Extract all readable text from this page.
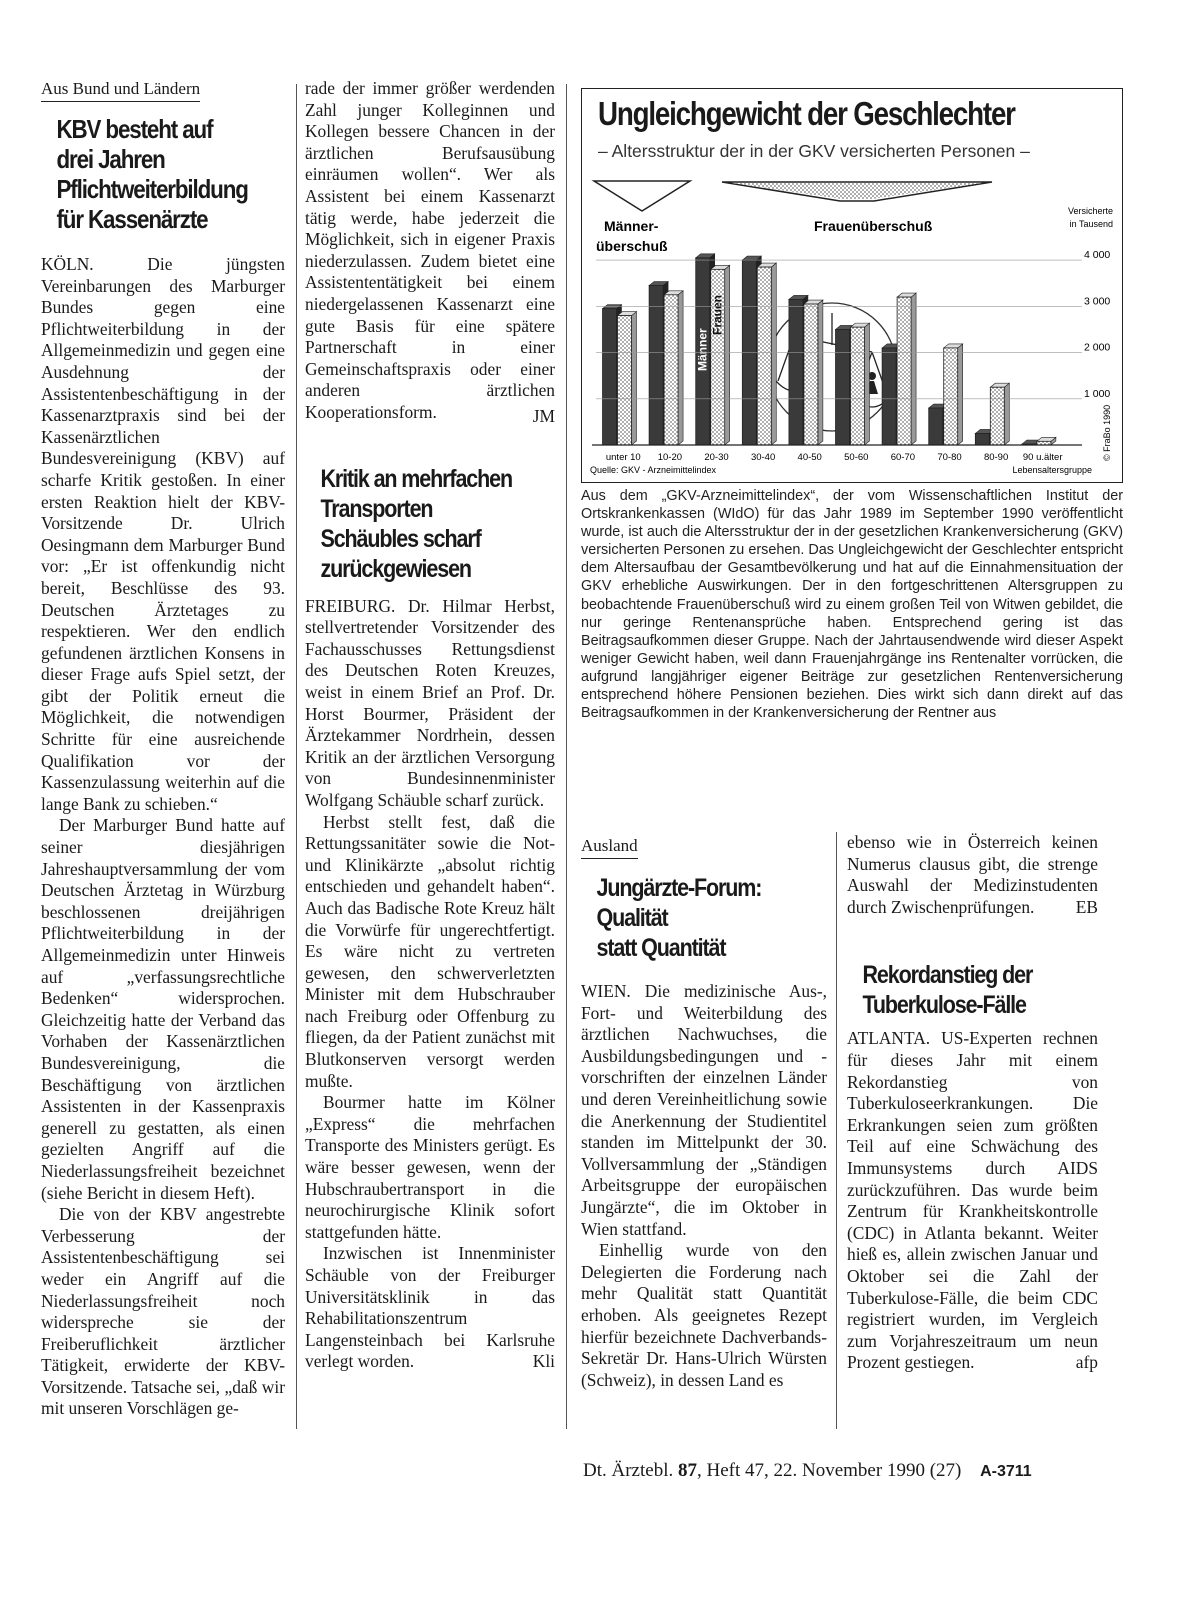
Aus Bund und Ländern

KBV besteht auf

drei Jahren

Pflichtweiterbildung

für Kassenärzte

KÖLN. Die jüngsten Vereinbarungen des Marburger Bundes gegen eine Pflichtweiterbildung in der Allgemeinmedizin und gegen eine Ausdehnung der Assistentenbeschäftigung in der Kassenarztpraxis sind bei der Kassenärztlichen Bundesvereinigung (KBV) auf scharfe Kritik gestoßen. In einer ersten Reaktion hielt der KBV-Vorsitzende Dr. Ulrich Oesingmann dem Marburger Bund vor: „Er ist offenkundig nicht bereit, Beschlüsse des 93. Deutschen Ärztetages zu respektieren. Wer den endlich gefundenen ärztlichen Konsens in dieser Frage aufs Spiel setzt, der gibt der Politik erneut die Möglichkeit, die notwendigen Schritte für eine ausreichende Qualifikation vor der Kassenzulassung weiterhin auf die lange Bank zu schieben.“

Der Marburger Bund hatte auf seiner diesjährigen Jahreshauptversammlung der vom Deutschen Ärztetag in Würzburg beschlossenen dreijährigen Pflichtweiterbildung in der Allgemeinmedizin unter Hinweis auf „verfassungsrechtliche Bedenken“ widersprochen. Gleichzeitig hatte der Verband das Vorhaben der Kassenärztlichen Bundesvereinigung, die Beschäftigung von ärztlichen Assistenten in der Kassenpraxis generell zu gestatten, als einen gezielten Angriff auf die Niederlassungsfreiheit bezeichnet (siehe Bericht in diesem Heft).

Die von der KBV angestrebte Verbesserung der Assistentenbeschäftigung sei weder ein Angriff auf die Niederlassungsfreiheit noch widerspreche sie der Freiberuflichkeit ärztlicher Tätigkeit, erwiderte der KBV-Vorsitzende. Tatsache sei, „daß wir mit unseren Vorschlägen ge-

rade der immer größer werdenden Zahl junger Kolleginnen und Kollegen bessere Chancen in der ärztlichen Berufsausübung einräumen wollen“. Wer als Assistent bei einem Kassenarzt tätig werde, habe jederzeit die Möglichkeit, sich in eigener Praxis niederzulassen. Zudem bietet eine Assistententätigkeit bei einem niedergelassenen Kassenarzt eine gute Basis für eine spätere Partnerschaft in einer Gemeinschaftspraxis oder einer anderen ärztlichen Kooperationsform.	JM

Kritik an mehrfachen

Transporten

Schäubles scharf

zurückgewiesen

FREIBURG. Dr. Hilmar Herbst, stellvertretender Vorsitzender des Fachausschusses Rettungsdienst des Deutschen Roten Kreuzes, weist in einem Brief an Prof. Dr. Horst Bourmer, Präsident der Ärztekammer Nordrhein, dessen Kritik an der ärztlichen Versorgung von Bundesinnenminister Wolfgang Schäuble scharf zurück.

Herbst stellt fest, daß die Rettungssanitäter sowie die Not- und Klinikärzte „absolut richtig entschieden und gehandelt haben“. Auch das Badische Rote Kreuz hält die Vorwürfe für ungerechtfertigt. Es wäre nicht zu vertreten gewesen, den schwerverletzten Minister mit dem Hubschrauber nach Freiburg oder Offenburg zu fliegen, da der Patient zunächst mit Blutkonserven versorgt werden mußte.

Bourmer hatte im Kölner „Express“ die mehrfachen Transporte des Ministers gerügt. Es wäre besser gewesen, wenn der Hubschraubertransport in die neurochirurgische Klinik sofort stattgefunden hätte.

Inzwischen ist Innenminister Schäuble von der Freiburger Universitätsklinik in das Rehabilitationszentrum Langensteinbach bei Karlsruhe verlegt worden.	Kli

Ungleichgewicht der Geschlechter
– Altersstruktur der in der GKV versicherten Personen –
Männer-
überschuß
Frauenüberschuß
Versicherte
in Tausend
Männer
Frauen
1 000
2 000
3 000
4 000
unter 10 10-20 20-30 30-40 40-50 50-60 60-70 70-80 80-90 90 u.älter
Quelle: GKV - Arzneimittelindex	Lebensaltersgruppe
© FraBo 1990
Aus dem „GKV-Arzneimittelindex“, der vom Wissenschaftlichen Institut der Ortskrankenkassen (WIdO) für das Jahr 1989 im September 1990 veröffentlicht wurde, ist auch die Altersstruktur der in der gesetzlichen Krankenversicherung (GKV) versicherten Personen zu ersehen. Das Ungleichgewicht der Geschlechter entspricht dem Altersaufbau der Gesamtbevölkerung und hat auf die Einnahmensituation der GKV erhebliche Auswirkungen. Der in den fortgeschrittenen Altersgruppen zu beobachtende Frauenüberschuß wird zu einem großen Teil von Witwen gebildet, die nur geringe Rentenansprüche haben. Entsprechend gering ist das Beitragsaufkommen dieser Gruppe. Nach der Jahrtausendwende wird dieser Aspekt weniger Gewicht haben, weil dann Frauenjahrgänge ins Rentenalter vorrücken, die aufgrund langjähriger eigener Beiträge zur gesetzlichen Rentenversicherung entsprechend höhere Pensionen beziehen. Dies wirkt sich dann direkt auf das Beitragsaufkommen in der Krankenversicherung der Rentner aus
Ausland

Jungärzte-Forum:

Qualität

statt Quantität

WIEN. Die medizinische Aus-, Fort- und Weiterbildung des ärztlichen Nachwuchses, die Ausbildungsbedingungen und -vorschriften der einzelnen Länder und deren Vereinheitlichung sowie die Anerkennung der Studientitel standen im Mittelpunkt der 30. Vollversammlung der „Ständigen Arbeitsgruppe der europäischen Jungärzte“, die im Oktober in Wien stattfand.

Einhellig wurde von den Delegierten die Forderung nach mehr Qualität statt Quantität erhoben. Als geeignetes Rezept hierfür bezeichnete Dachverbands-Sekretär Dr. Hans-Ulrich Würsten (Schweiz), in dessen Land es

ebenso wie in Österreich keinen Numerus clausus gibt, die strenge Auswahl der Medizinstudenten durch Zwischenprüfungen. EB

Rekordanstieg der

Tuberkulose-Fälle

ATLANTA. US-Experten rechnen für dieses Jahr mit einem Rekordanstieg von Tuberkuloseerkrankungen. Die Erkrankungen seien zum größten Teil auf eine Schwächung des Immunsystems durch AIDS zurückzuführen. Das wurde beim Zentrum für Krankheitskontrolle (CDC) in Atlanta bekannt. Weiter hieß es, allein zwischen Januar und Oktober sei die Zahl der Tuberkulose-Fälle, die beim CDC registriert wurden, im Vergleich zum Vorjahreszeitraum um neun Prozent gestiegen.	afp

Dt. Ärztebl. 87, Heft 47, 22. November 1990 (27) A-3711
